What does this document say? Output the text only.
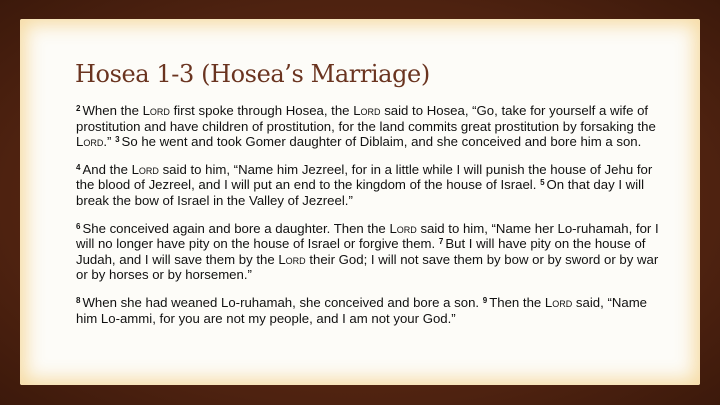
Hosea 1-3 (Hosea’s Marriage)

$^2$ When the Lord first spoke through Hosea, the Lord said to Hosea, “Go, take for yourself a wife of prostitution and have children of prostitution, for the land commits great prostitution by forsaking the Lord.” $^3$ So he went and took Gomer daughter of Diblaim, and she conceived and bore him a son.

$^4$ And the Lord said to him, “Name him Jezreel, for in a little while I will punish the house of Jehu for the blood of Jezreel, and I will put an end to the kingdom of the house of Israel. $^5$ On that day I will break the bow of Israel in the Valley of Jezreel.”

$^6$ She conceived again and bore a daughter. Then the Lord said to him, “Name her Lo-ruhamah, for I will no longer have pity on the house of Israel or forgive them. $^7$ But I will have pity on the house of Judah, and I will save them by the Lord their God; I will not save them by bow or by sword or by war or by horses or by horsemen.”

$^8$ When she had weaned Lo-ruhamah, she conceived and bore a son. $^9$ Then the Lord said, “Name him Lo-ammi, for you are not my people, and I am not your God.”
